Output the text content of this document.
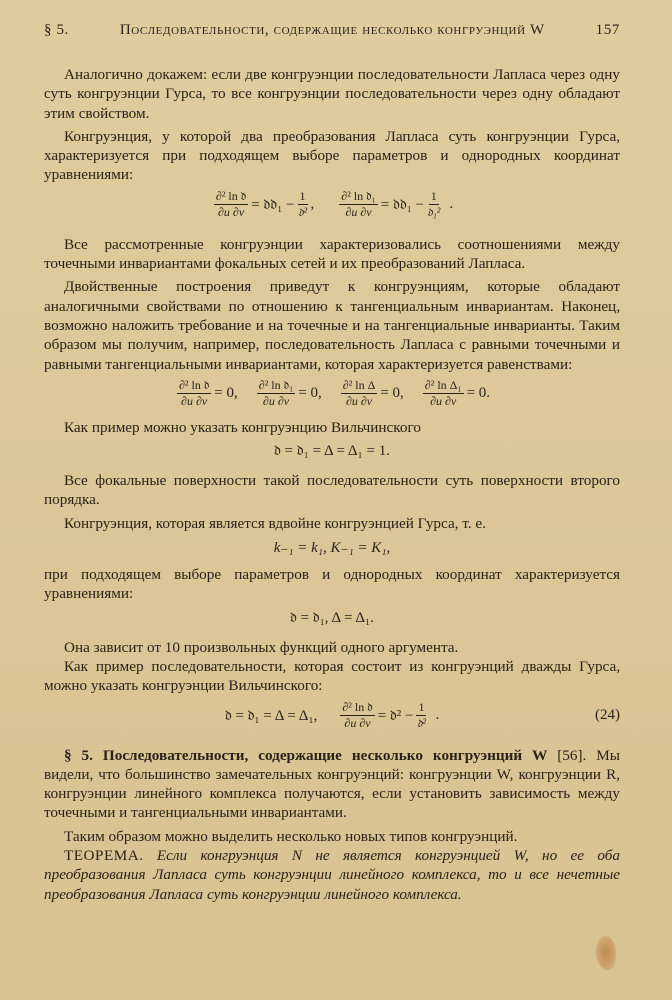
§ 5.	Последовательности, содержащие несколько конгруэнций W	157

Аналогично докажем: если две конгруэнции последовательности Лапласа через одну суть конгруэнции Гурса, то все конгруэнции последовательности через одну обладают этим свойством.

Конгруэнция, у которой два преобразования Лапласа суть конгруэнции Гурса, характеризуется при подходящем выборе параметров и однородных координат уравнениями:

$\frac{\text{∂² ln 𝔡}}{\partial u \partial v}$ = 𝔡𝔡₁ − $\frac{1}{\text{𝔡²}}$ , $\frac{\text{∂² ln 𝔡₁}}{\partial u \partial v}$ = 𝔡𝔡₁ − $\frac{1}{\text{𝔡₁²}}$ .

Все рассмотренные конгруэнции характеризовались соотношениями между точечными инвариантами фокальных сетей и их преобразований Лапласа.

Двойственные построения приведут к конгруэнциям, которые обладают аналогичными свойствами по отношению к тангенциальным инвариантам. Наконец, возможно наложить требование и на точечные и на тангенциальные инварианты. Таким образом мы получим, например, последовательность Лапласа с равными точечными и равными тангенциальными инвариантами, которая характеризуется равенствами:

$\frac{\text{∂² ln 𝔡}}{\partial u \partial v} = 0$, $\frac{\text{∂² ln 𝔡₁}}{\partial u \partial v} = 0$, $\frac{\text{∂² ln Δ}}{\partial u \partial v} = 0$, $\frac{\text{∂² ln Δ₁}}{\partial u \partial v} = 0$.

Как пример можно указать конгруэнцию Вильчинского

𝔡 = 𝔡₁ = Δ = Δ₁ = 1.

Все фокальные поверхности такой последовательности суть поверхности второго порядка.

Конгруэнция, которая является вдвойне конгруэнцией Гурса, т. е.

k₋₁ = k₁, K₋₁ = K₁,

при подходящем выборе параметров и однородных координат характеризуется уравнениями:

𝔡 = 𝔡₁, Δ = Δ₁.

Она зависит от 10 произвольных функций одного аргумента.

Как пример последовательности, которая состоит из конгруэнций дважды Гурса, можно указать конгруэнции Вильчинского:

𝔡 = 𝔡₁ = Δ = Δ₁, $\frac{\text{∂² ln 𝔡}}{\partial u \partial v}$ = 𝔡² − $\frac{1}{\text{𝔡²}}$ .	(24)

§ 5. Последовательности, содержащие несколько конгруэнций W [56]. Мы видели, что большинство замечательных конгруэнций: конгруэнции W, конгруэнции R, конгруэнции линейного комплекса получаются, если установить зависимость между точечными и тангенциальными инвариантами.

Таким образом можно выделить несколько новых типов конгруэнций.

ТЕОРЕМА. Если конгруэнция N не является конгруэнцией W, но ее оба преобразования Лапласа суть конгруэнции линейного комплекса, то и все нечетные преобразования Лапласа суть конгруэнции линейного комплекса.
